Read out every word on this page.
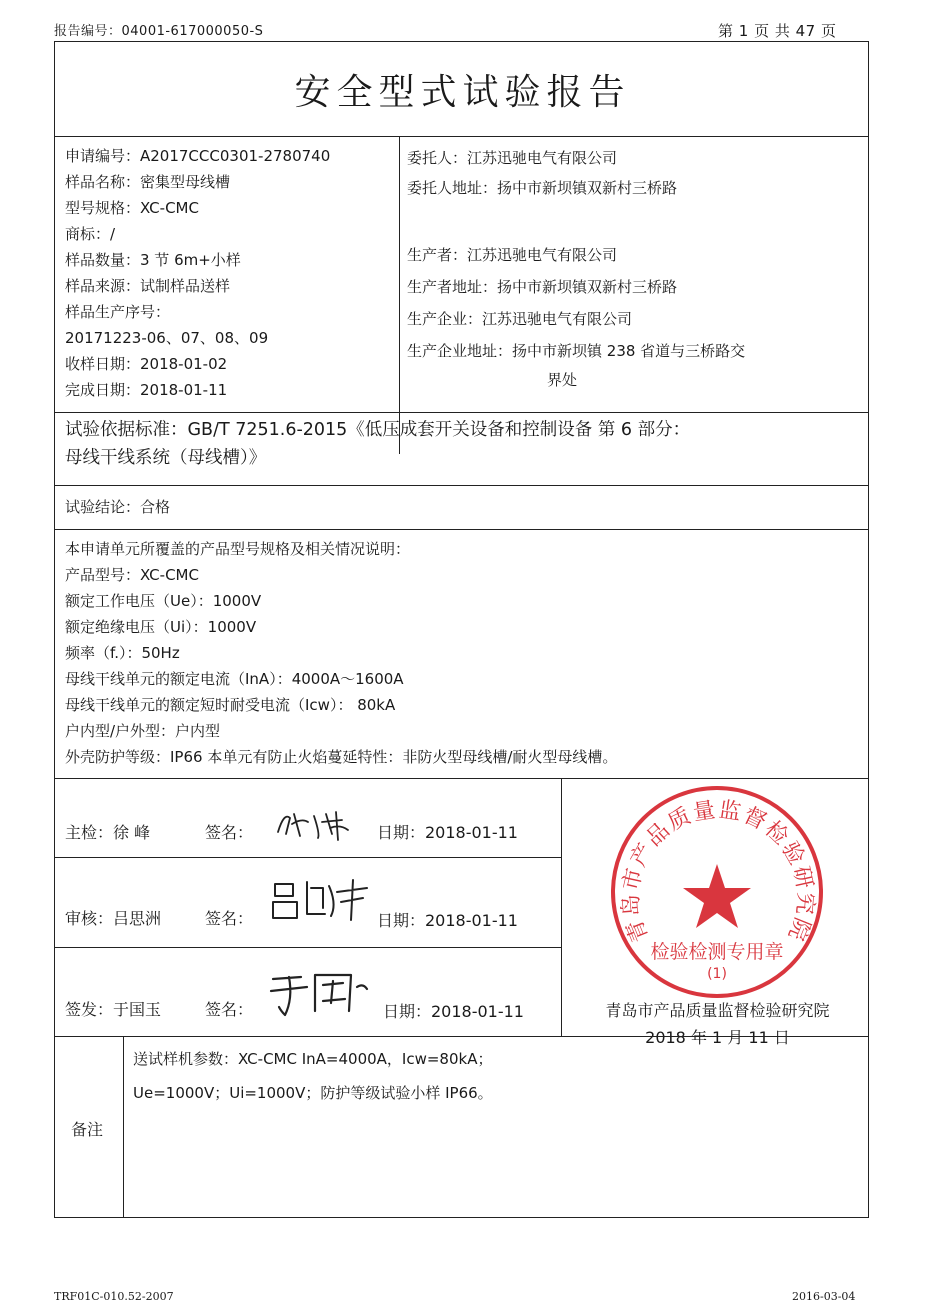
报告编号：04001-617000050-S	第 1 页 共 47 页
安全型式试验报告
申请编号：A2017CCC0301-2780740
样品名称：密集型母线槽
型号规格：XC-CMC
商标：/
样品数量：3 节 6m+小样
样品来源：试制样品送样
样品生产序号：
20171223-06、07、08、09
收样日期：2018-01-02
完成日期：2018-01-11
委托人：江苏迅驰电气有限公司
委托人地址：扬中市新坝镇双新村三桥路
生产者：江苏迅驰电气有限公司
生产者地址：扬中市新坝镇双新村三桥路
生产企业：江苏迅驰电气有限公司
生产企业地址：扬中市新坝镇 238 省道与三桥路交
界处
试验依据标准：GB/T 7251.6-2015《低压成套开关设备和控制设备 第 6 部分：
母线干线系统（母线槽）》
试验结论：合格
本申请单元所覆盖的产品型号规格及相关情况说明：
产品型号：XC-CMC
额定工作电压（Ue）：1000V
额定绝缘电压（Ui）：1000V
频率（f.）：50Hz
母线干线单元的额定电流（InA）：4000A～1600A
母线干线单元的额定短时耐受电流（Icw）： 80kA
户内型/户外型：户内型
外壳防护等级：IP66 本单元有防止火焰蔓延特性：非防火型母线槽/耐火型母线槽。
主检：徐 峰	签名：	日期：2018-01-11
审核：吕思洲	签名：	日期：2018-01-11
签发：于国玉	签名：	日期：2018-01-11
青岛市产品质量监督检验研究院
检验检测专用章
(1)
青岛市产品质量监督检验研究院
2018 年 1 月 11 日
备注
送试样机参数：XC-CMC InA=4000A，Icw=80kA；
Ue=1000V；Ui=1000V；防护等级试验小样 IP66。
TRF01C-010.52-2007	2016-03-04
